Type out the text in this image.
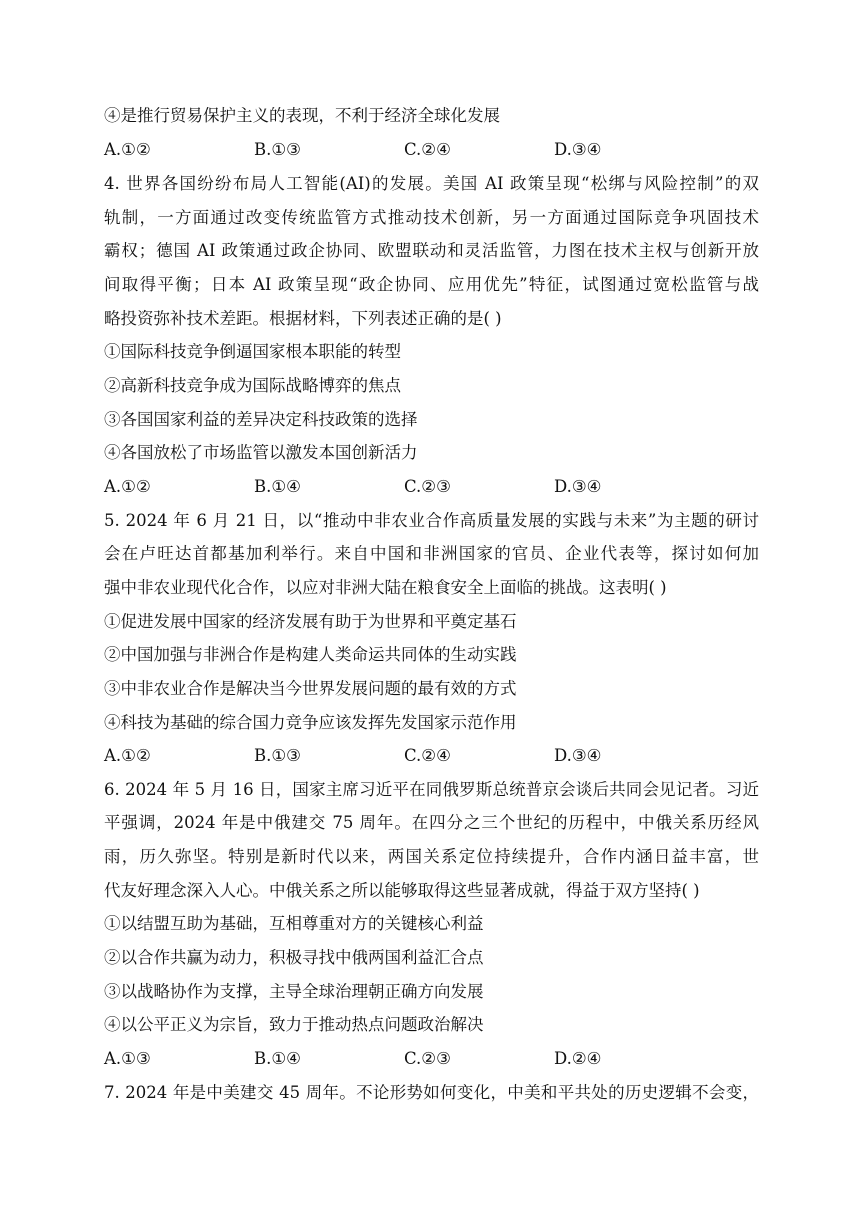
④是推行贸易保护主义的表现，不利于经济全球化发展
A.①②	B.①③	C.②④	D.③④
4. 世界各国纷纷布局人工智能(AI)的发展。美国 AI 政策呈现“松绑与风险控制”的双
轨制，一方面通过改变传统监管方式推动技术创新，另一方面通过国际竞争巩固技术
霸权；德国 AI 政策通过政企协同、欧盟联动和灵活监管，力图在技术主权与创新开放
间取得平衡；日本 AI 政策呈现“政企协同、应用优先”特征，试图通过宽松监管与战
略投资弥补技术差距。根据材料，下列表述正确的是( )
①国际科技竞争倒逼国家根本职能的转型
②高新科技竞争成为国际战略博弈的焦点
③各国国家利益的差异决定科技政策的选择
④各国放松了市场监管以激发本国创新活力
A.①②	B.①④	C.②③	D.③④
5. 2024 年 6 月 21 日，以“推动中非农业合作高质量发展的实践与未来”为主题的研讨
会在卢旺达首都基加利举行。来自中国和非洲国家的官员、企业代表等，探讨如何加
强中非农业现代化合作，以应对非洲大陆在粮食安全上面临的挑战。这表明( )
①促进发展中国家的经济发展有助于为世界和平奠定基石
②中国加强与非洲合作是构建人类命运共同体的生动实践
③中非农业合作是解决当今世界发展问题的最有效的方式
④科技为基础的综合国力竞争应该发挥先发国家示范作用
A.①②	B.①③	C.②④	D.③④
6. 2024 年 5 月 16 日，国家主席习近平在同俄罗斯总统普京会谈后共同会见记者。习近
平强调，2024 年是中俄建交 75 周年。在四分之三个世纪的历程中，中俄关系历经风
雨，历久弥坚。特别是新时代以来，两国关系定位持续提升，合作内涵日益丰富，世
代友好理念深入人心。中俄关系之所以能够取得这些显著成就，得益于双方坚持( )
①以结盟互助为基础，互相尊重对方的关键核心利益
②以合作共赢为动力，积极寻找中俄两国利益汇合点
③以战略协作为支撑，主导全球治理朝正确方向发展
④以公平正义为宗旨，致力于推动热点问题政治解决
A.①③	B.①④	C.②③	D.②④
7. 2024 年是中美建交 45 周年。不论形势如何变化，中美和平共处的历史逻辑不会变，
